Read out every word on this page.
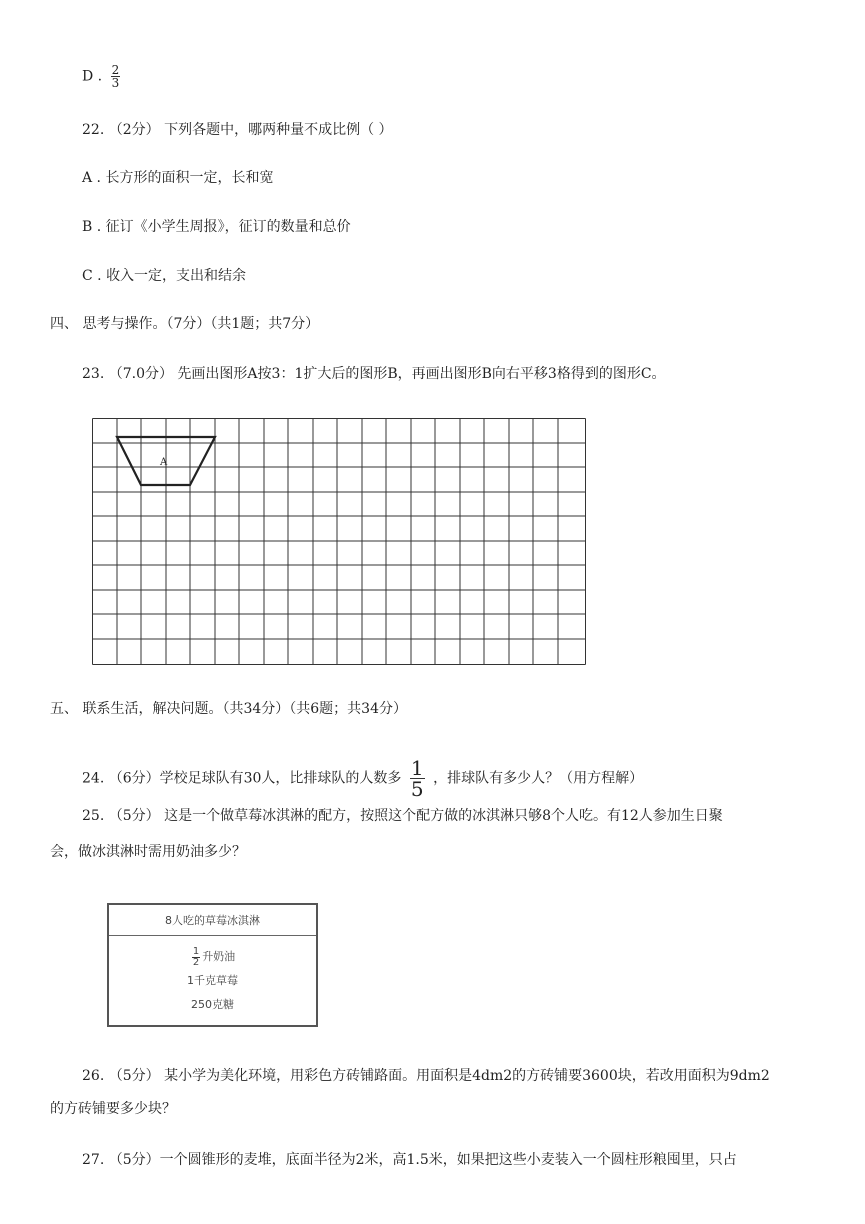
D . $\frac{2}{3}$
22. （2分） 下列各题中，哪两种量不成比例（ ）
A . 长方形的面积一定，长和宽
B . 征订《小学生周报》，征订的数量和总价
C . 收入一定，支出和结余
四、 思考与操作。（7分）（共1题；共7分）
23. （7.0分） 先画出图形A按3：1扩大后的图形B，再画出图形B向右平移3格得到的图形C。
A
五、 联系生活，解决问题。（共34分）（共6题；共34分）
24. （6分）学校足球队有30人，比排球队的人数多 $\frac{1}{5}$ ，排球队有多少人？（用方程解）
25. （5分） 这是一个做草莓冰淇淋的配方，按照这个配方做的冰淇淋只够8个人吃。有12人参加生日聚
会，做冰淇淋时需用奶油多少？
8人吃的草莓冰淇淋
$\frac{1}{2}$ 升奶油
1千克草莓
250克糖
26. （5分） 某小学为美化环境，用彩色方砖铺路面。用面积是4dm2的方砖铺要3600块，若改用面积为9dm2
的方砖铺要多少块？
27. （5分）一个圆锥形的麦堆，底面半径为2米，高1.5米，如果把这些小麦装入一个圆柱形粮囤里，只占
